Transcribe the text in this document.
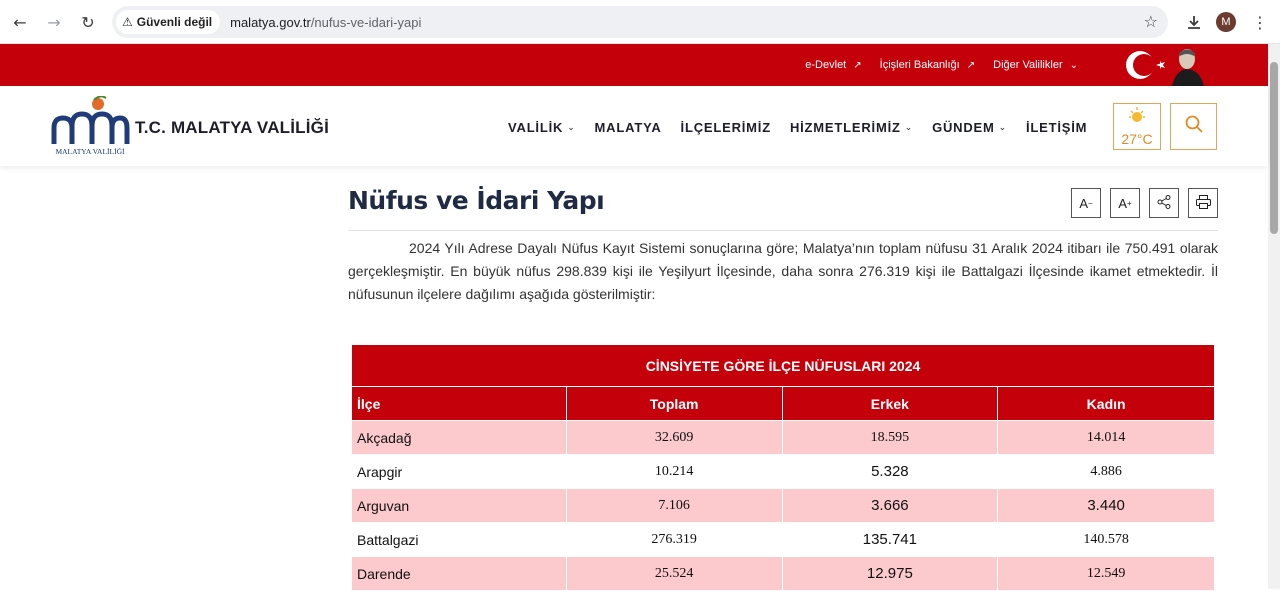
←	→	↻	⚠ Güvenli değil malatya.gov.tr/nufus-ve-idari-yapi	☆	M	⋮
e-Devlet ↗ İçişleri Bakanlığı ↗ Diğer Valilikler ⌄
MALATYA VALİLİĞİ
T.C. MALATYA VALİLİĞİ	VALİLİK ⌄ MALATYA İLÇELERİMİZ HİZMETLERİMİZ ⌄ GÜNDEM ⌄ İLETİŞİM
27°C
Nüfus ve İdari Yapı	A −	A +

2024 Yılı Adrese Dayalı Nüfus Kayıt Sistemi sonuçlarına göre; Malatya’nın toplam nüfusu 31 Aralık 2024 itibarı ile 750.491 olarak gerçekleşmiştir. En büyük nüfus 298.839 kişi ile Yeşilyurt İlçesinde, daha sonra 276.319 kişi ile Battalgazi İlçesinde ikamet etmektedir. İl nüfusunun ilçelere dağılımı aşağıda gösterilmiştir:

CİNSİYETE GÖRE İLÇE NÜFUSLARI 2024			
İlçe	Toplam	Erkek	Kadın
Akçadağ	32.609	18.595	14.014
Arapgir	10.214	5.328	4.886
Arguvan	7.106	3.666	3.440
Battalgazi	276.319	135.741	140.578
Darende	25.524	12.975	12.549
